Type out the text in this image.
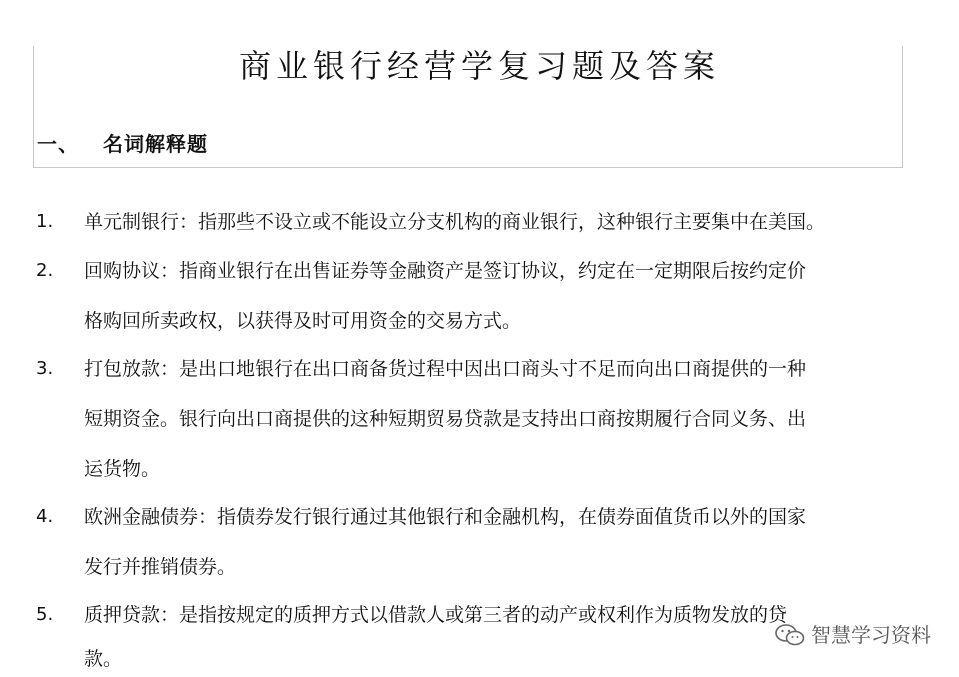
商业银行经营学复习题及答案
一、 名词解释题
1. 单元制银行：指那些不设立或不能设立分支机构的商业银行，这种银行主要集中在美国。
2. 回购协议：指商业银行在出售证券等金融资产是签订协议，约定在一定期限后按约定价
格购回所卖政权，以获得及时可用资金的交易方式。
3. 打包放款：是出口地银行在出口商备货过程中因出口商头寸不足而向出口商提供的一种
短期资金。银行向出口商提供的这种短期贸易贷款是支持出口商按期履行合同义务、出
运货物。
4. 欧洲金融债券：指债券发行银行通过其他银行和金融机构，在债券面值货币以外的国家
发行并推销债券。
5. 质押贷款：是指按规定的质押方式以借款人或第三者的动产或权利作为质物发放的贷
款。
智慧学习资料
